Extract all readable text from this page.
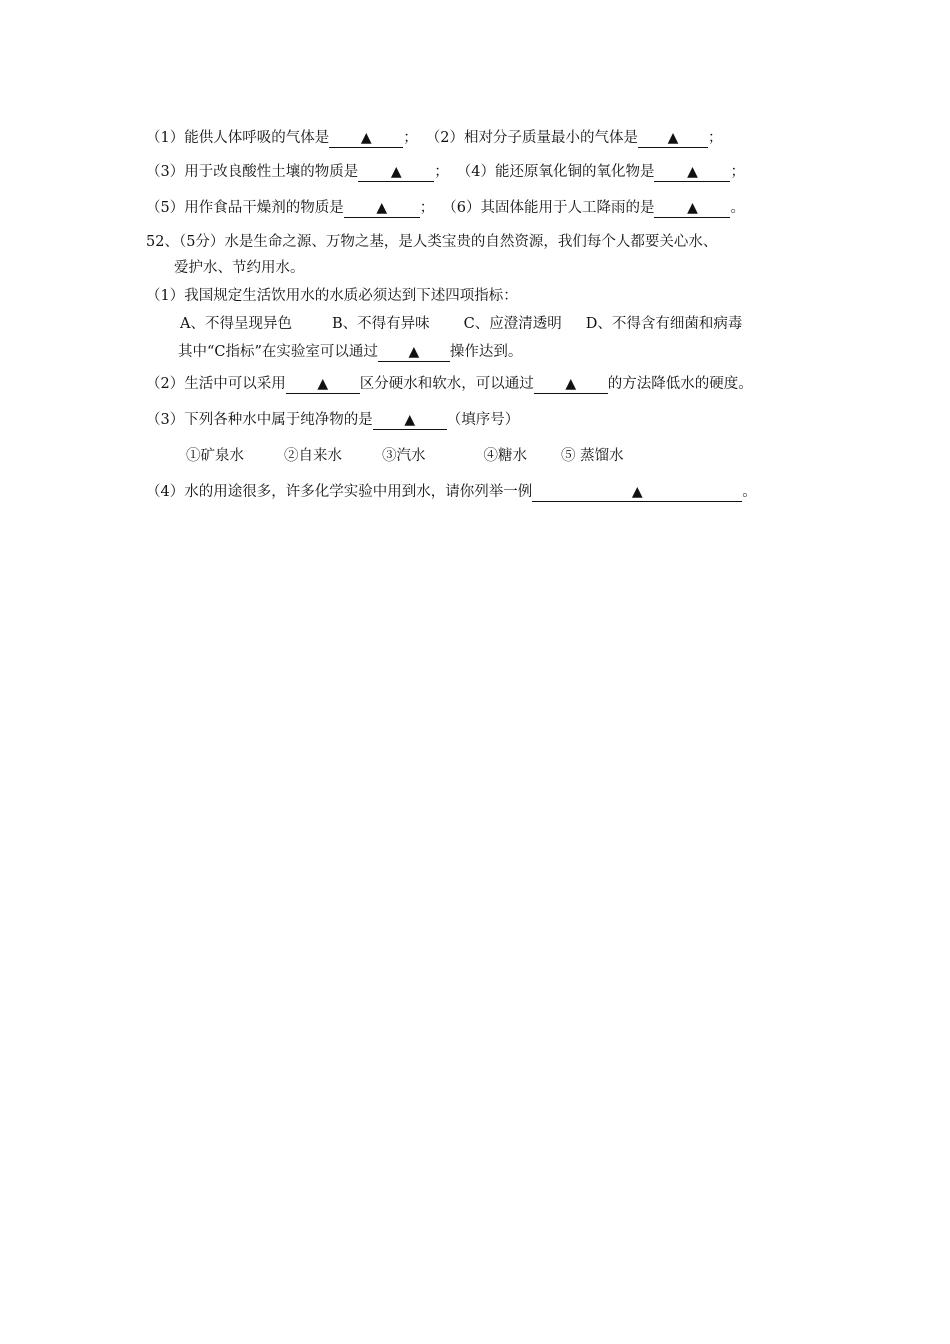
（1）能供人体呼吸的气体是 ▲ ； （2）相对分子质量最小的气体是 ▲ ；
（3）用于改良酸性土壤的物质是 ▲ ； （4）能还原氧化铜的氧化物是 ▲ ；
（5）用作食品干燥剂的物质是 ▲ ； （6）其固体能用于人工降雨的是 ▲ 。
52、（5分）水是生命之源、万物之基，是人类宝贵的自然资源，我们每个人都要关心水、
爱护水、节约用水。
（1）我国规定生活饮用水的水质必须达到下述四项指标：
A、不得呈现异色	B、不得有异味 C、应澄清透明 D、不得含有细菌和病毒
其中“C指标”在实验室可以通过 ▲ 操作达到。
（2）生活中可以采用 ▲ 区分硬水和软水，可以通过 ▲ 的方法降低水的硬度。
（3）下列各种水中属于纯净物的是 ▲ （填序号）
①矿泉水	②自来水	③汽水	④糖水 ⑤ 蒸馏水
（4）水的用途很多，许多化学实验中用到水，请你列举一例	▲	。
